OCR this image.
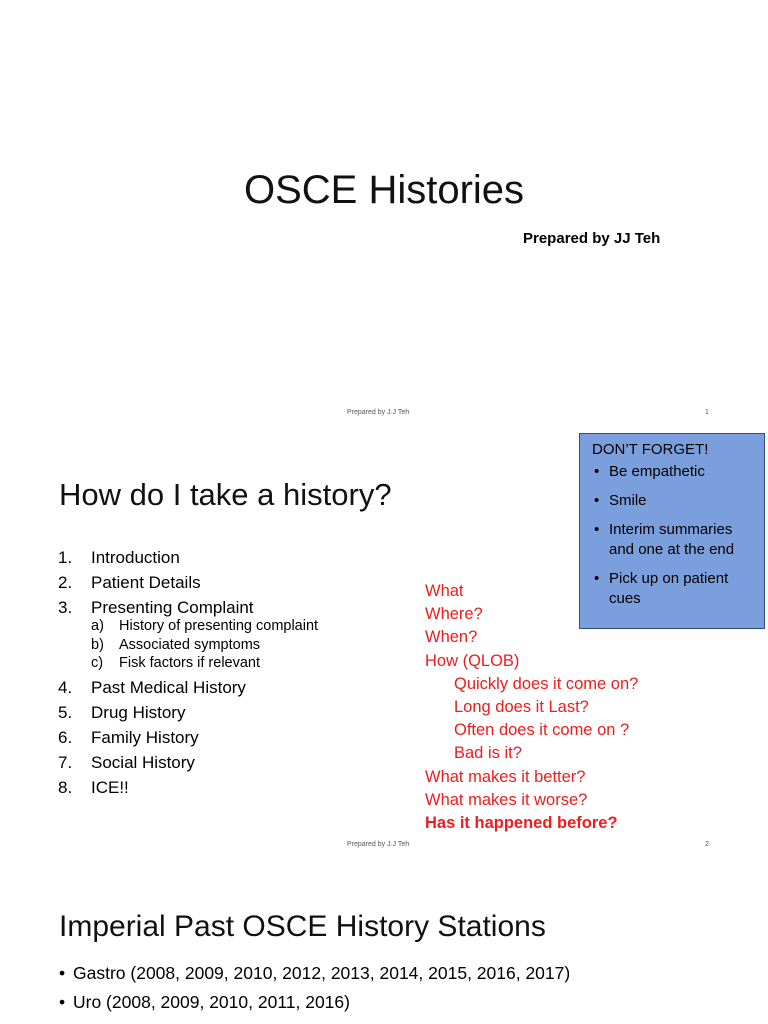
OSCE Histories
Prepared by JJ Teh
Prepared by J.J Teh	1
How do I take a history?
1. Introduction
2. Patient Details
3. Presenting Complaint
a) History of presenting complaint
b) Associated symptoms
c) Fisk factors if relevant
4. Past Medical History
5. Drug History
6. Family History
7. Social History
8. ICE!!
What
Where?
When?
How (QLOB)
Quickly does it come on?
Long does it Last?
Often does it come on ?
Bad is it?
What makes it better?
What makes it worse?
Has it happened before?
DON’T FORGET!
• Be empathetic
• Smile
• Interim summaries and one at the end
• Pick up on patient cues
Prepared by J.J Teh	2
Imperial Past OSCE History Stations
• Gastro (2008, 2009, 2010, 2012, 2013, 2014, 2015, 2016, 2017)
• Uro (2008, 2009, 2010, 2011, 2016)
